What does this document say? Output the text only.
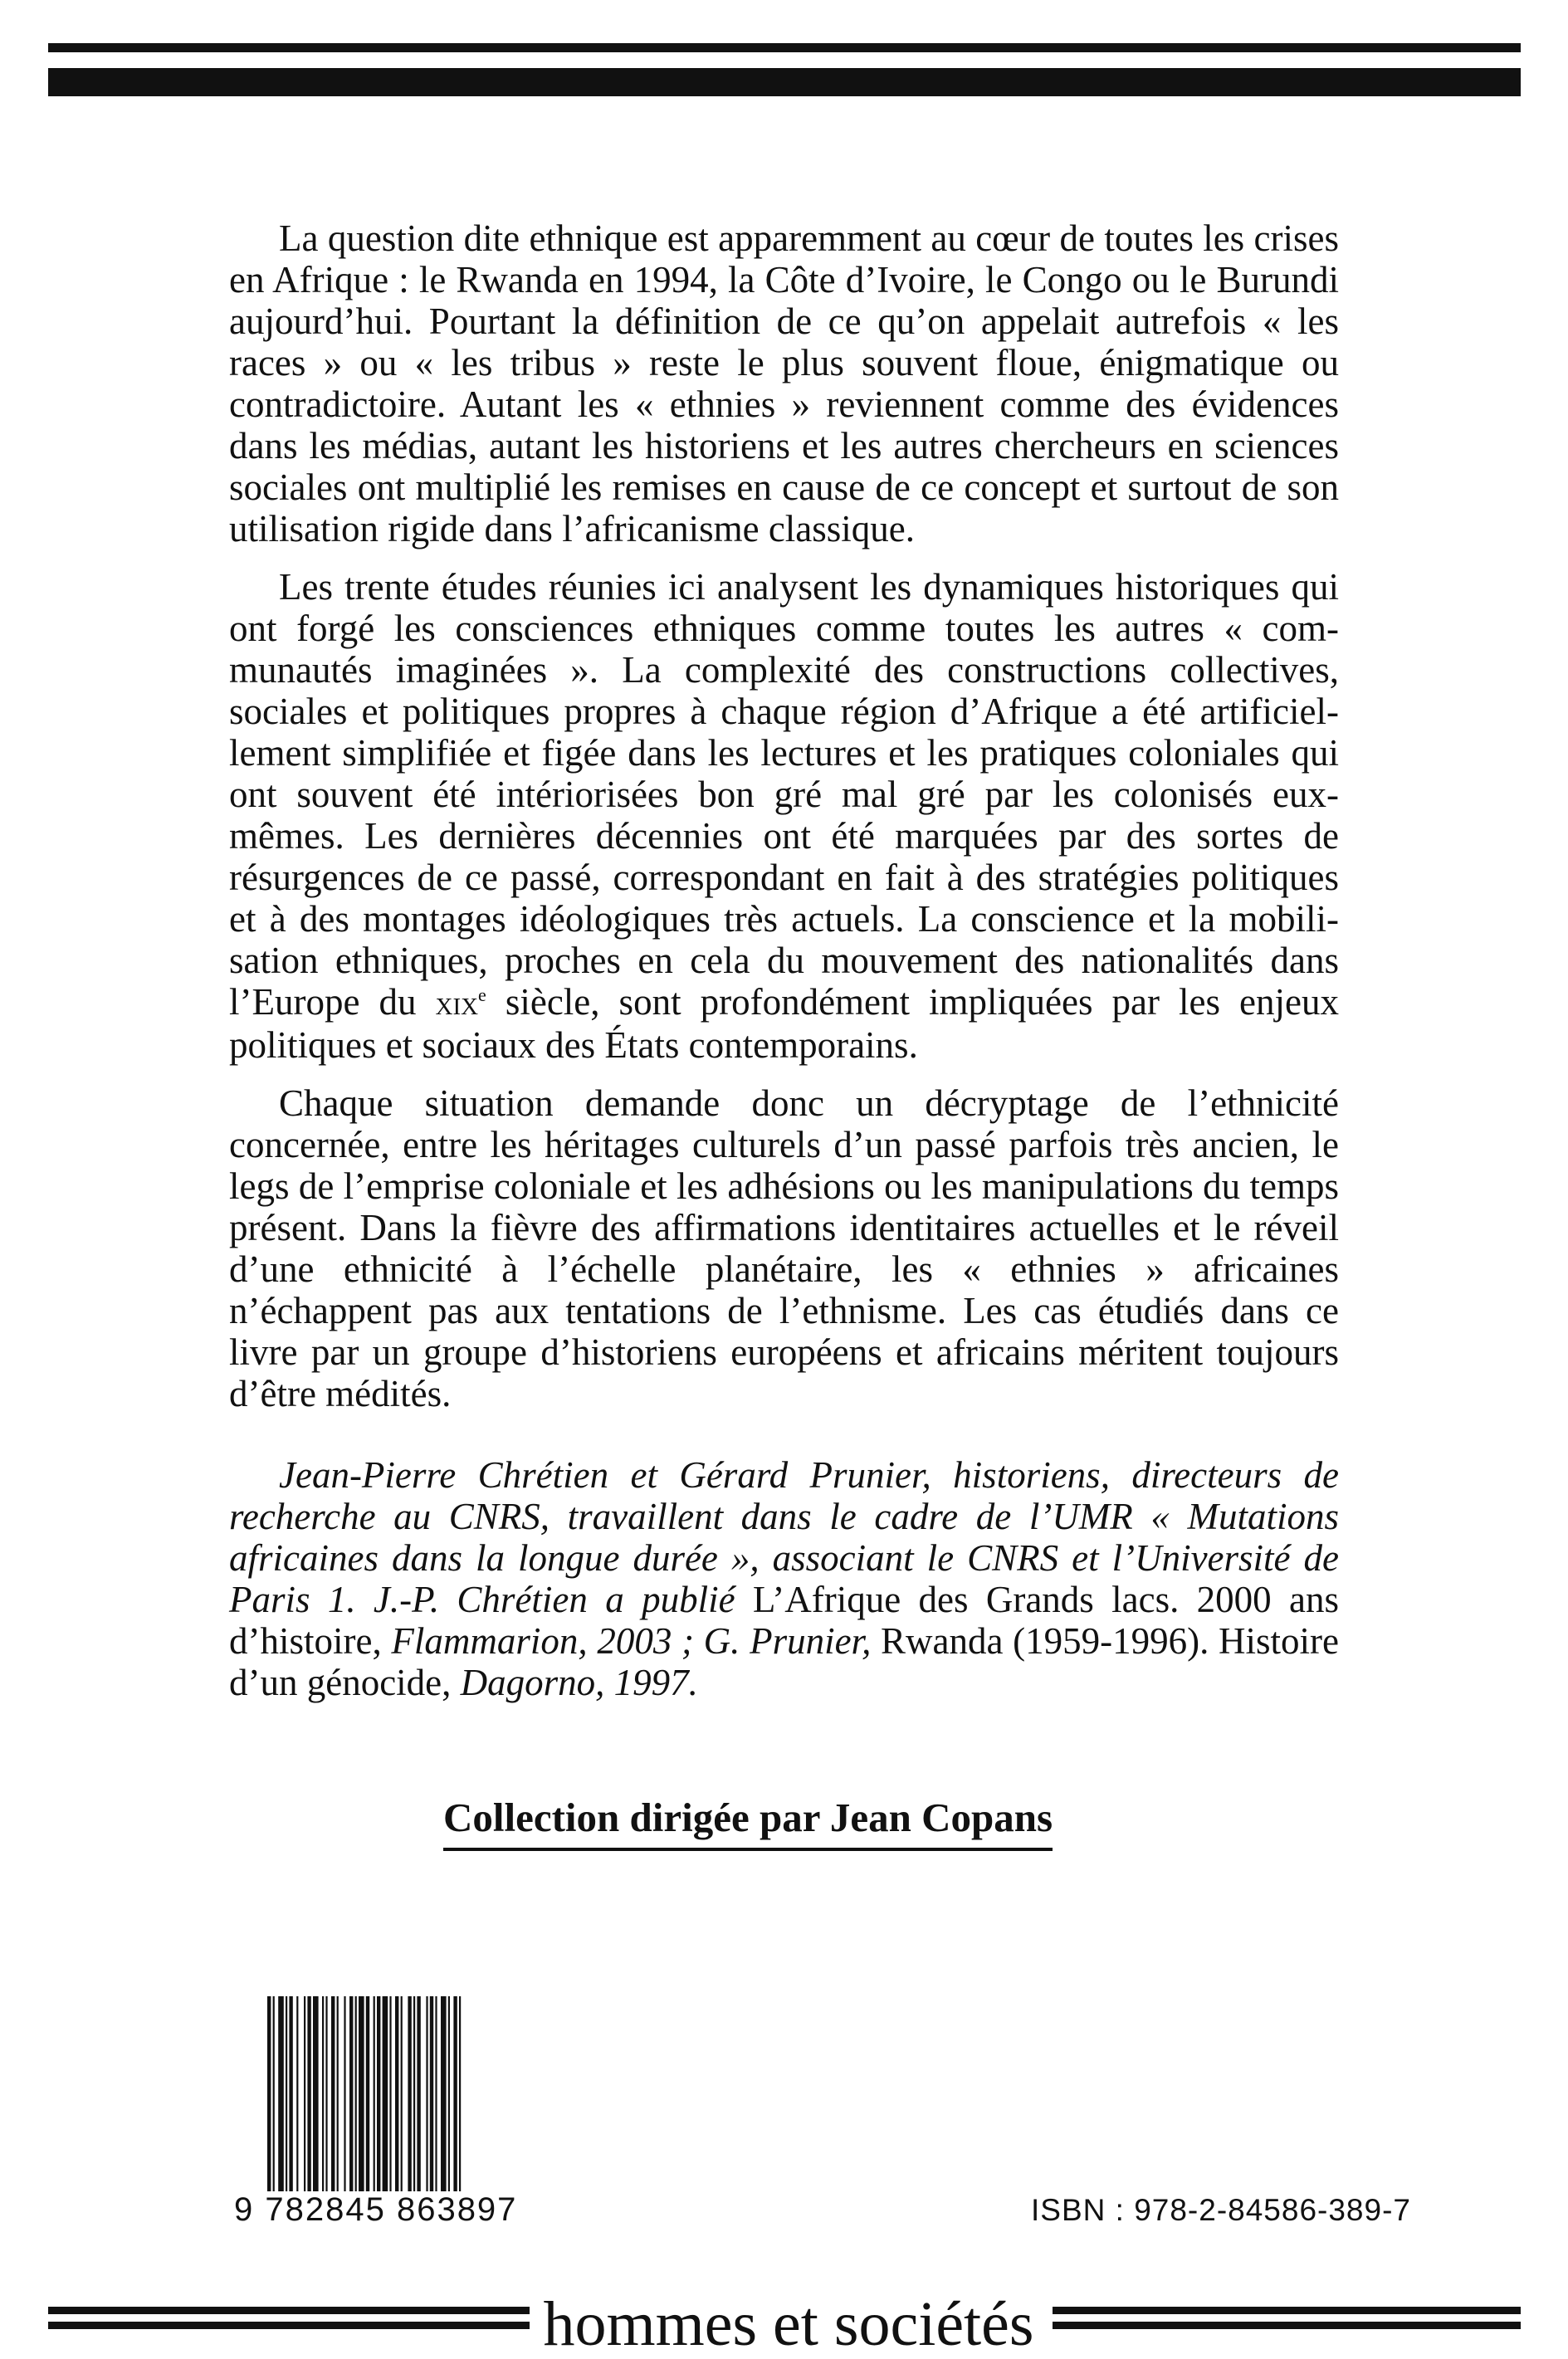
La question dite ethnique est apparemment au cœur de toutes les crises en Afrique : le Rwanda en 1994, la Côte d’Ivoire, le Congo ou le Burundi aujourd’hui. Pourtant la définition de ce qu’on appelait autrefois « les races » ou « les tribus » reste le plus souvent floue, énigmatique ou contradictoire. Autant les « ethnies » reviennent comme des évidences dans les médias, autant les historiens et les autres chercheurs en sciences sociales ont multiplié les remises en cause de ce concept et surtout de son utilisation rigide dans l’africanisme classique.

Les trente études réunies ici analysent les dynamiques historiques qui ont forgé les consciences ethniques comme toutes les autres « communautés imaginées ». La complexité des constructions collectives, sociales et politiques propres à chaque région d’Afrique a été artificiellement simplifiée et figée dans les lectures et les pratiques coloniales qui ont souvent été intériorisées bon gré mal gré par les colonisés eux-mêmes. Les dernières décennies ont été marquées par des sortes de résurgences de ce passé, correspondant en fait à des stratégies politiques et à des montages idéologiques très actuels. La conscience et la mobilisation ethniques, proches en cela du mouvement des nationalités dans l’Europe du xix$^e$ siècle, sont profondément impliquées par les enjeux politiques et sociaux des États contemporains.

Chaque situation demande donc un décryptage de l’ethnicité concernée, entre les héritages culturels d’un passé parfois très ancien, le legs de l’emprise coloniale et les adhésions ou les manipulations du temps présent. Dans la fièvre des affirmations identitaires actuelles et le réveil d’une ethnicité à l’échelle planétaire, les « ethnies » africaines n’échappent pas aux tentations de l’ethnisme. Les cas étudiés dans ce livre par un groupe d’historiens européens et africains méritent toujours d’être médités.

Jean-Pierre Chrétien et Gérard Prunier, historiens, directeurs de recherche au CNRS, travaillent dans le cadre de l’UMR « Mutations africaines dans la longue durée », associant le CNRS et l’Université de Paris 1. J.-P. Chrétien a publié L’Afrique des Grands lacs. 2000 ans d’histoire, Flammarion, 2003 ; G. Prunier, Rwanda (1959-1996). Histoire d’un génocide, Dagorno, 1997.

Collection dirigée par Jean Copans
9 782845 863897	ISBN : 978-2-84586-389-7
hommes et sociétés
